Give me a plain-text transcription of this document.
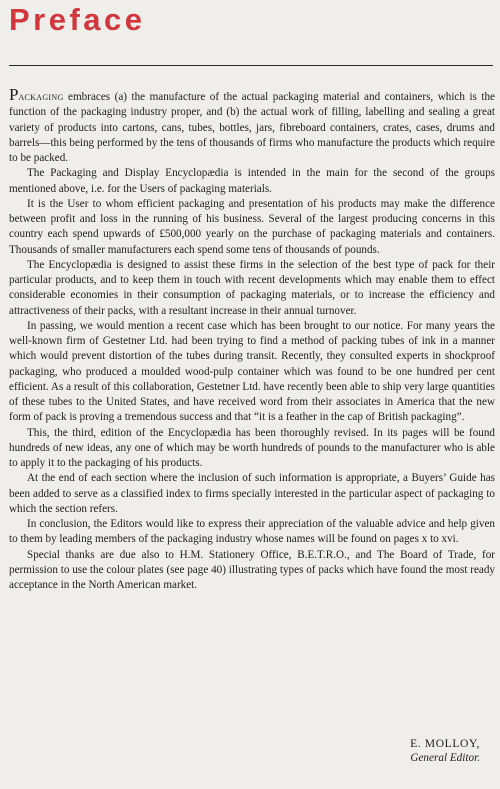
Preface

Packaging embraces (a) the manufacture of the actual packaging material and containers, which is the function of the packaging industry proper, and (b) the actual work of filling, labelling and sealing a great variety of products into cartons, cans, tubes, bottles, jars, fibreboard containers, crates, cases, drums and barrels—this being performed by the tens of thousands of firms who manufacture the products which require to be packed.

The Packaging and Display Encyclopædia is intended in the main for the second of the groups mentioned above, i.e. for the Users of packaging materials.

It is the User to whom efficient packaging and presentation of his products may make the difference between profit and loss in the running of his business. Several of the largest producing concerns in this country each spend upwards of £500,000 yearly on the purchase of packaging materials and containers. Thousands of smaller manufacturers each spend some tens of thousands of pounds.

The Encyclopædia is designed to assist these firms in the selection of the best type of pack for their particular products, and to keep them in touch with recent developments which may enable them to effect considerable economies in their consumption of packaging materials, or to increase the efficiency and attractiveness of their packs, with a resultant increase in their annual turnover.

In passing, we would mention a recent case which has been brought to our notice. For many years the well-known firm of Gestetner Ltd. had been trying to find a method of packing tubes of ink in a manner which would prevent distortion of the tubes during transit. Recently, they consulted experts in shockproof packaging, who produced a moulded wood-pulp container which was found to be one hundred per cent efficient. As a result of this collaboration, Gestetner Ltd. have recently been able to ship very large quantities of these tubes to the United States, and have received word from their associates in America that the new form of pack is proving a tremendous success and that “it is a feather in the cap of British packaging”.

This, the third, edition of the Encyclopædia has been thoroughly revised. In its pages will be found hundreds of new ideas, any one of which may be worth hundreds of pounds to the manufacturer who is able to apply it to the packaging of his products.

At the end of each section where the inclusion of such information is appropriate, a Buyers’ Guide has been added to serve as a classified index to firms specially interested in the particular aspect of packaging to which the section refers.

In conclusion, the Editors would like to express their appreciation of the valuable advice and help given to them by leading members of the packaging industry whose names will be found on pages x to xvi.

Special thanks are due also to H.M. Stationery Office, B.E.T.R.O., and The Board of Trade, for permission to use the colour plates (see page 40) illustrating types of packs which have found the most ready acceptance in the North American market.

E. MOLLOY,
General Editor.
